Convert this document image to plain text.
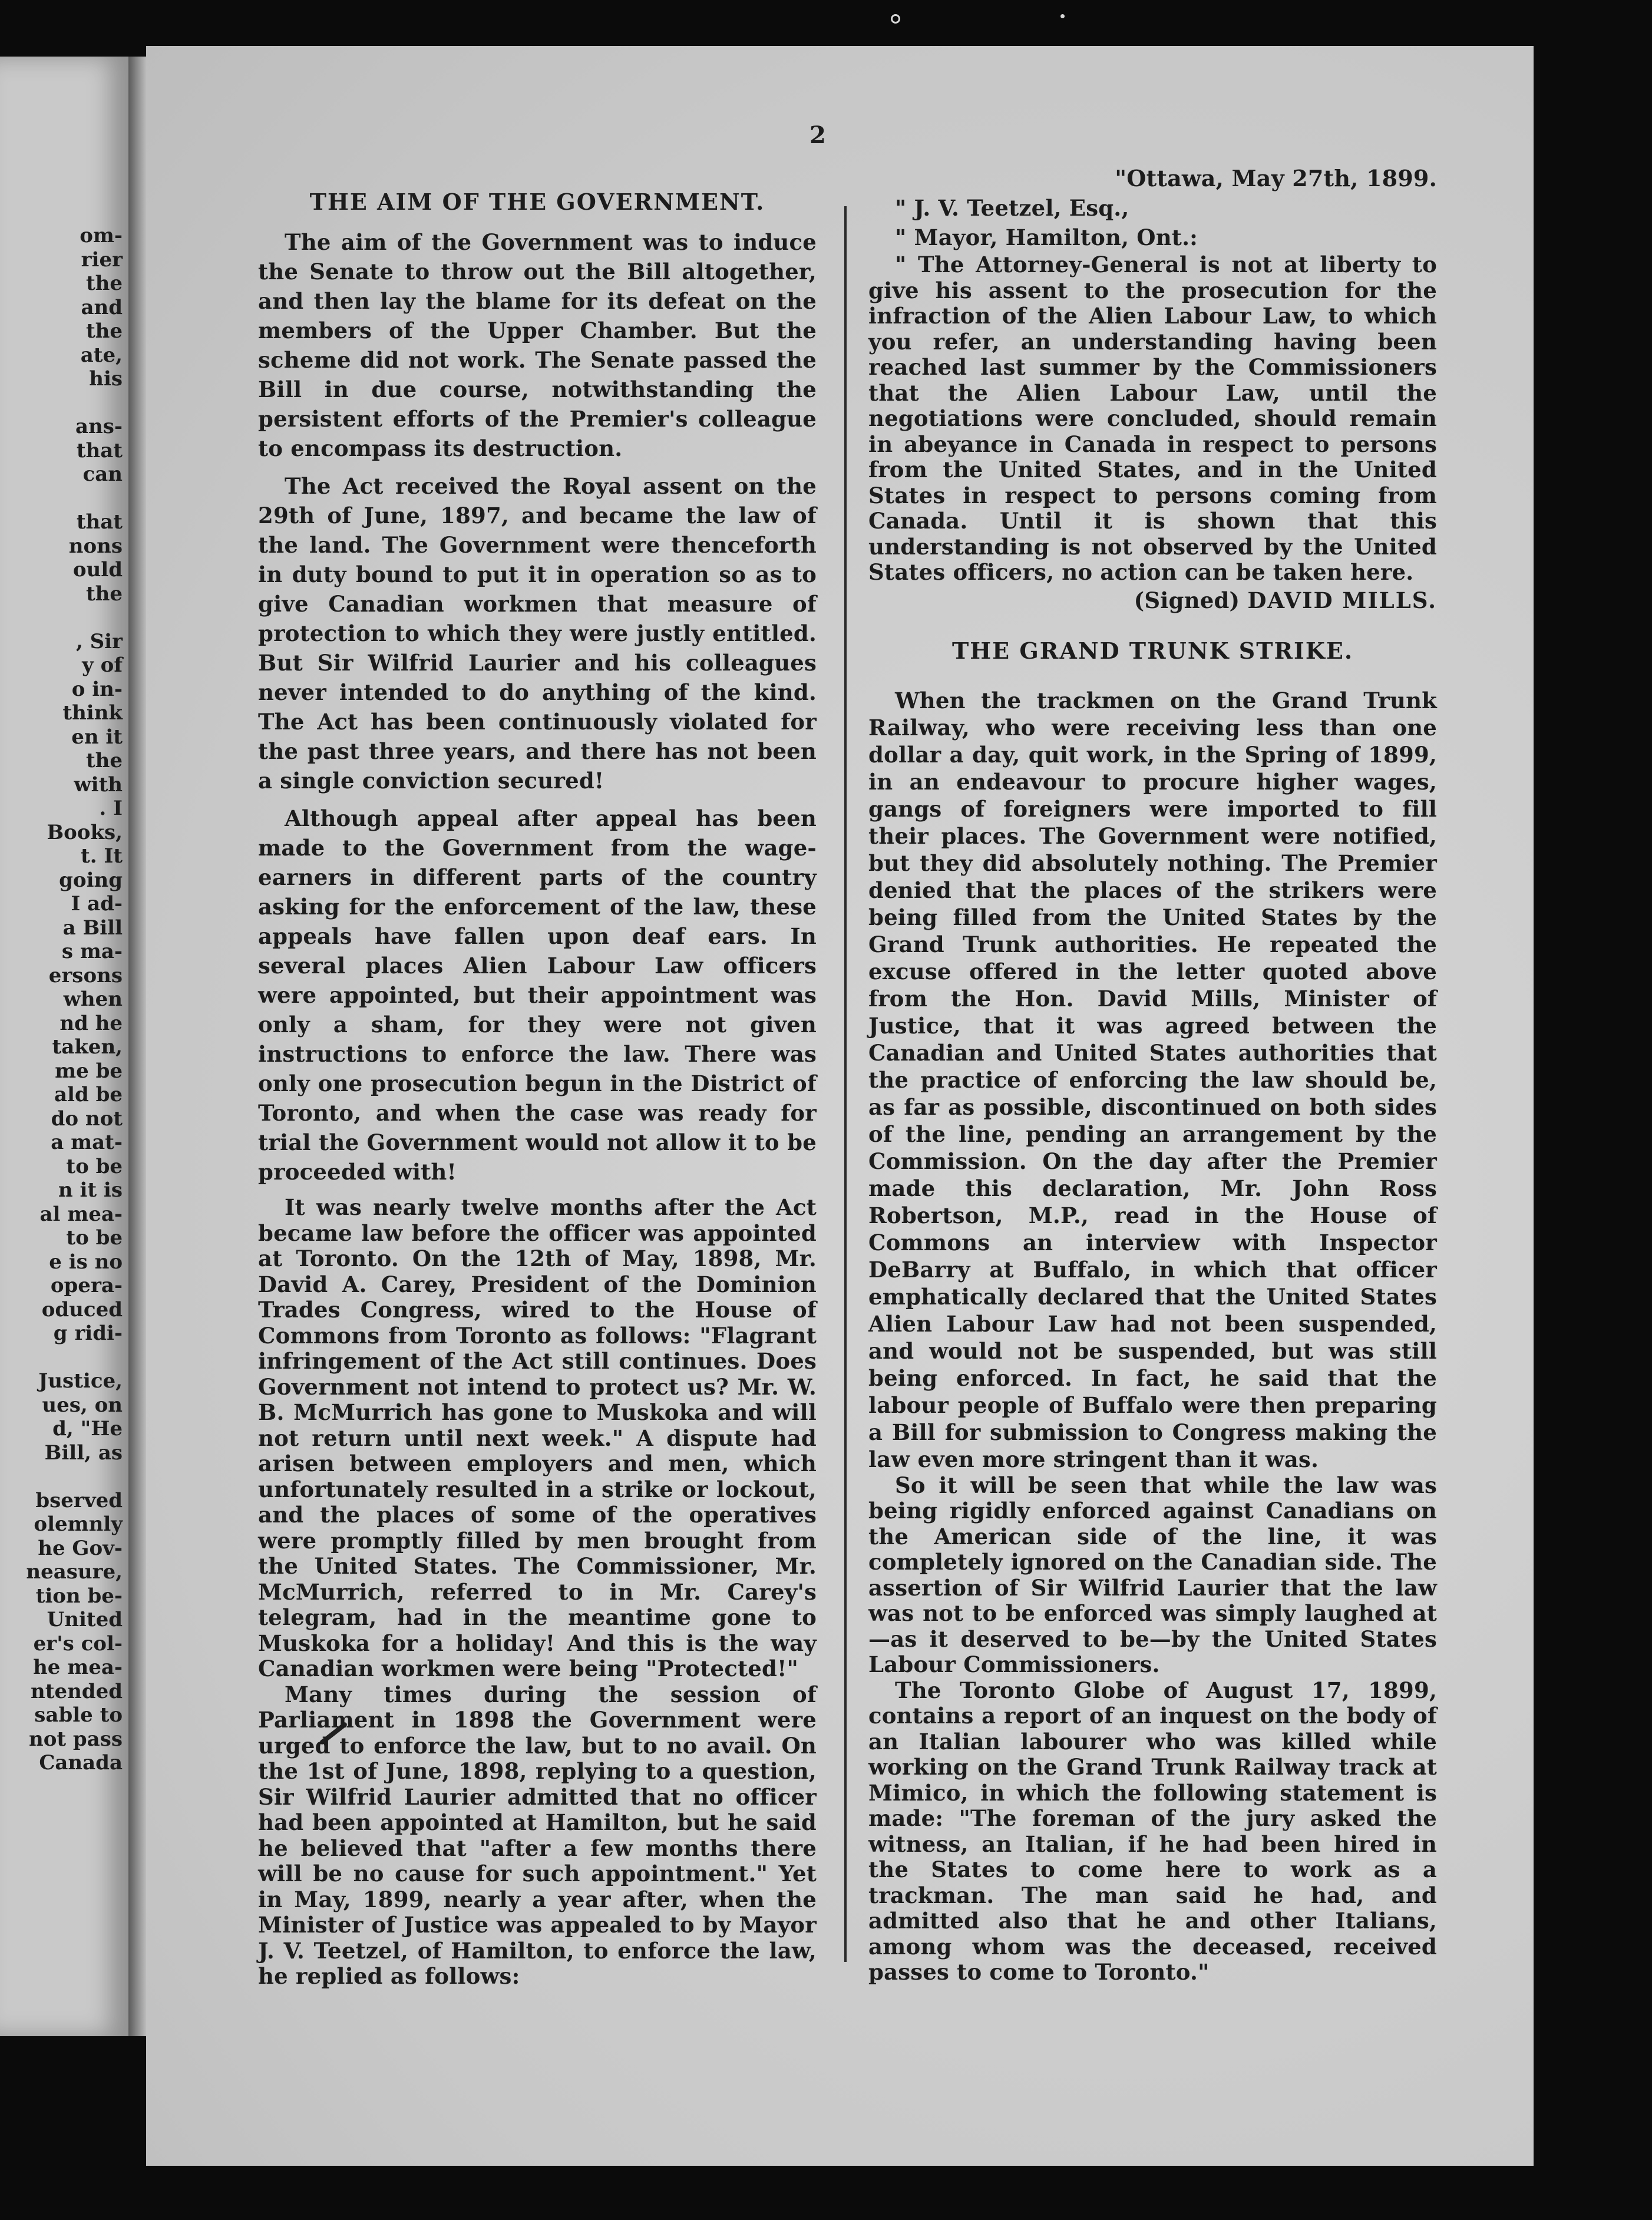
om-
rier
the
and
the
ate,
his
ans-
that
can
that
nons
ould
the
, Sir
y of
o in-
think
en it
the
with
. I
Books,
t. It
going
I ad-
a Bill
s ma-
ersons
when
nd he
taken,
me be
ald be
do not
a mat-
to be
n it is
al mea-
to be
e is no
opera-
oduced
g ridi-
Justice,
ues, on
d, "He
Bill, as
bserved
olemnly
he Gov-
neasure,
tion be-
United
er's col-
he mea-
ntended
sable to
not pass
Canada
2
THE AIM OF THE GOVERNMENT.

The aim of the Government was to induce the Senate to throw out the Bill altogether, and then lay the blame for its defeat on the members of the Upper Chamber. But the scheme did not work. The Senate passed the Bill in due course, notwithstanding the persistent efforts of the Premier's colleague to encompass its destruction.

The Act received the Royal assent on the 29th of June, 1897, and became the law of the land. The Government were thenceforth in duty bound to put it in operation so as to give Canadian workmen that measure of protection to which they were justly entitled. But Sir Wilfrid Laurier and his colleagues never intended to do anything of the kind. The Act has been continuously violated for the past three years, and there has not been a single conviction secured!

Although appeal after appeal has been made to the Government from the wage-earners in different parts of the country asking for the enforcement of the law, these appeals have fallen upon deaf ears. In several places Alien Labour Law officers were appointed, but their appointment was only a sham, for they were not given instructions to enforce the law. There was only one prosecution begun in the District of Toronto, and when the case was ready for trial the Government would not allow it to be proceeded with!

It was nearly twelve months after the Act became law before the officer was appointed at Toronto. On the 12th of May, 1898, Mr. David A. Carey, President of the Dominion Trades Congress, wired to the House of Commons from Toronto as follows: "Flagrant infringement of the Act still continues. Does Government not intend to protect us? Mr. W. B. McMurrich has gone to Muskoka and will not return until next week." A dispute had arisen between employers and men, which unfortunately resulted in a strike or lockout, and the places of some of the operatives were promptly filled by men brought from the United States. The Commissioner, Mr. McMurrich, referred to in Mr. Carey's telegram, had in the meantime gone to Muskoka for a holiday! And this is the way Canadian workmen were being "Protected!"

Many times during the session of Parliament in 1898 the Government were urged to enforce the law, but to no avail. On the 1st of June, 1898, replying to a question, Sir Wilfrid Laurier admitted that no officer had been appointed at Hamilton, but he said he believed that "after a few months there will be no cause for such appointment." Yet in May, 1899, nearly a year after, when the Minister of Justice was appealed to by Mayor J. V. Teetzel, of Hamilton, to enforce the law, he replied as follows:

"Ottawa, May 27th, 1899.

" J. V. Teetzel, Esq.,

" Mayor, Hamilton, Ont.:

" The Attorney-General is not at liberty to give his assent to the prosecution for the infraction of the Alien Labour Law, to which you refer, an understanding having been reached last summer by the Commissioners that the Alien Labour Law, until the negotiations were concluded, should remain in abeyance in Canada in respect to persons from the United States, and in the United States in respect to persons coming from Canada. Until it is shown that this understanding is not observed by the United States officers, no action can be taken here.

(Signed) DAVID MILLS.

THE GRAND TRUNK STRIKE.

When the trackmen on the Grand Trunk Railway, who were receiving less than one dollar a day, quit work, in the Spring of 1899, in an endeavour to procure higher wages, gangs of foreigners were imported to fill their places. The Government were notified, but they did absolutely nothing. The Premier denied that the places of the strikers were being filled from the United States by the Grand Trunk authorities. He repeated the excuse offered in the letter quoted above from the Hon. David Mills, Minister of Justice, that it was agreed between the Canadian and United States authorities that the practice of enforcing the law should be, as far as possible, discontinued on both sides of the line, pending an arrangement by the Commission. On the day after the Premier made this declaration, Mr. John Ross Robertson, M.P., read in the House of Commons an interview with Inspector DeBarry at Buffalo, in which that officer emphatically declared that the United States Alien Labour Law had not been suspended, and would not be suspended, but was still being enforced. In fact, he said that the labour people of Buffalo were then preparing a Bill for submission to Congress making the law even more stringent than it was.

So it will be seen that while the law was being rigidly enforced against Canadians on the American side of the line, it was completely ignored on the Canadian side. The assertion of Sir Wilfrid Laurier that the law was not to be enforced was simply laughed at—as it deserved to be—by the United States Labour Commissioners.

The Toronto Globe of August 17, 1899, contains a report of an inquest on the body of an Italian labourer who was killed while working on the Grand Trunk Railway track at Mimico, in which the following statement is made: "The foreman of the jury asked the witness, an Italian, if he had been hired in the States to come here to work as a trackman. The man said he had, and admitted also that he and other Italians, among whom was the deceased, received passes to come to Toronto."
